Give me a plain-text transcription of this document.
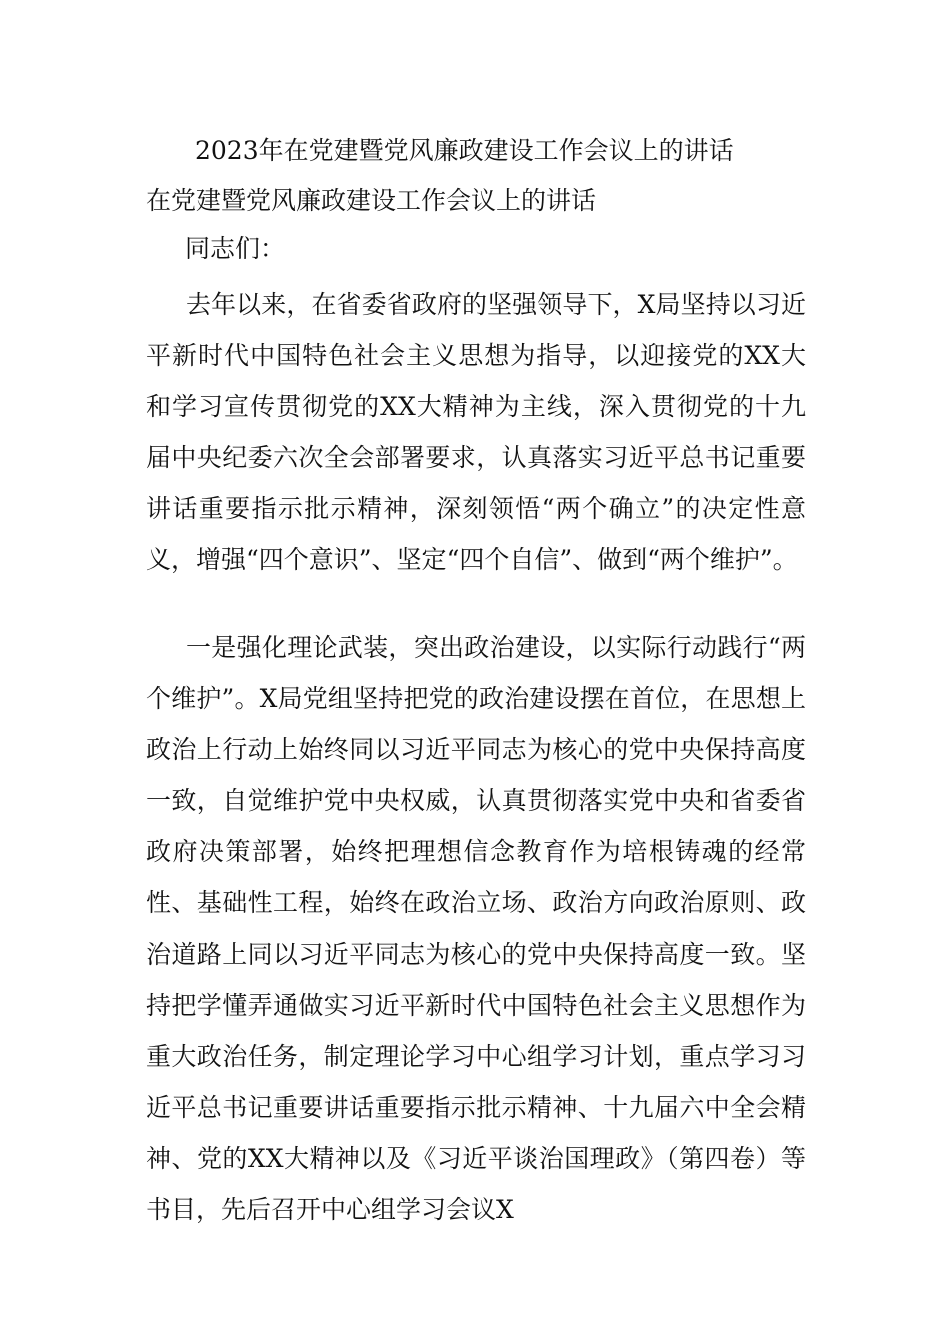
2023年在党建暨党风廉政建设工作会议上的讲话
在党建暨党风廉政建设工作会议上的讲话
同志们：

去年以来，在省委省政府的坚强领导下，X局坚持以习近平新时代中国特色社会主义思想为指导，以迎接党的XX大和学习宣传贯彻党的XX大精神为主线，深入贯彻党的十九届中央纪委六次全会部署要求，认真落实习近平总书记重要讲话重要指示批示精神，深刻领悟“两个确立”的决定性意义，增强“四个意识”、坚定“四个自信”、做到“两个维护”。

一是强化理论武装，突出政治建设，以实际行动践行“两个维护”。X局党组坚持把党的政治建设摆在首位，在思想上政治上行动上始终同以习近平同志为核心的党中央保持高度一致，自觉维护党中央权威，认真贯彻落实党中央和省委省政府决策部署，始终把理想信念教育作为培根铸魂的经常性、基础性工程，始终在政治立场、政治方向政治原则、政治道路上同以习近平同志为核心的党中央保持高度一致。坚持把学懂弄通做实习近平新时代中国特色社会主义思想作为重大政治任务，制定理论学习中心组学习计划，重点学习习近平总书记重要讲话重要指示批示精神、十九届六中全会精神、党的XX大精神以及《习近平谈治国理政》（第四卷）等书目，先后召开中心组学习会议X
